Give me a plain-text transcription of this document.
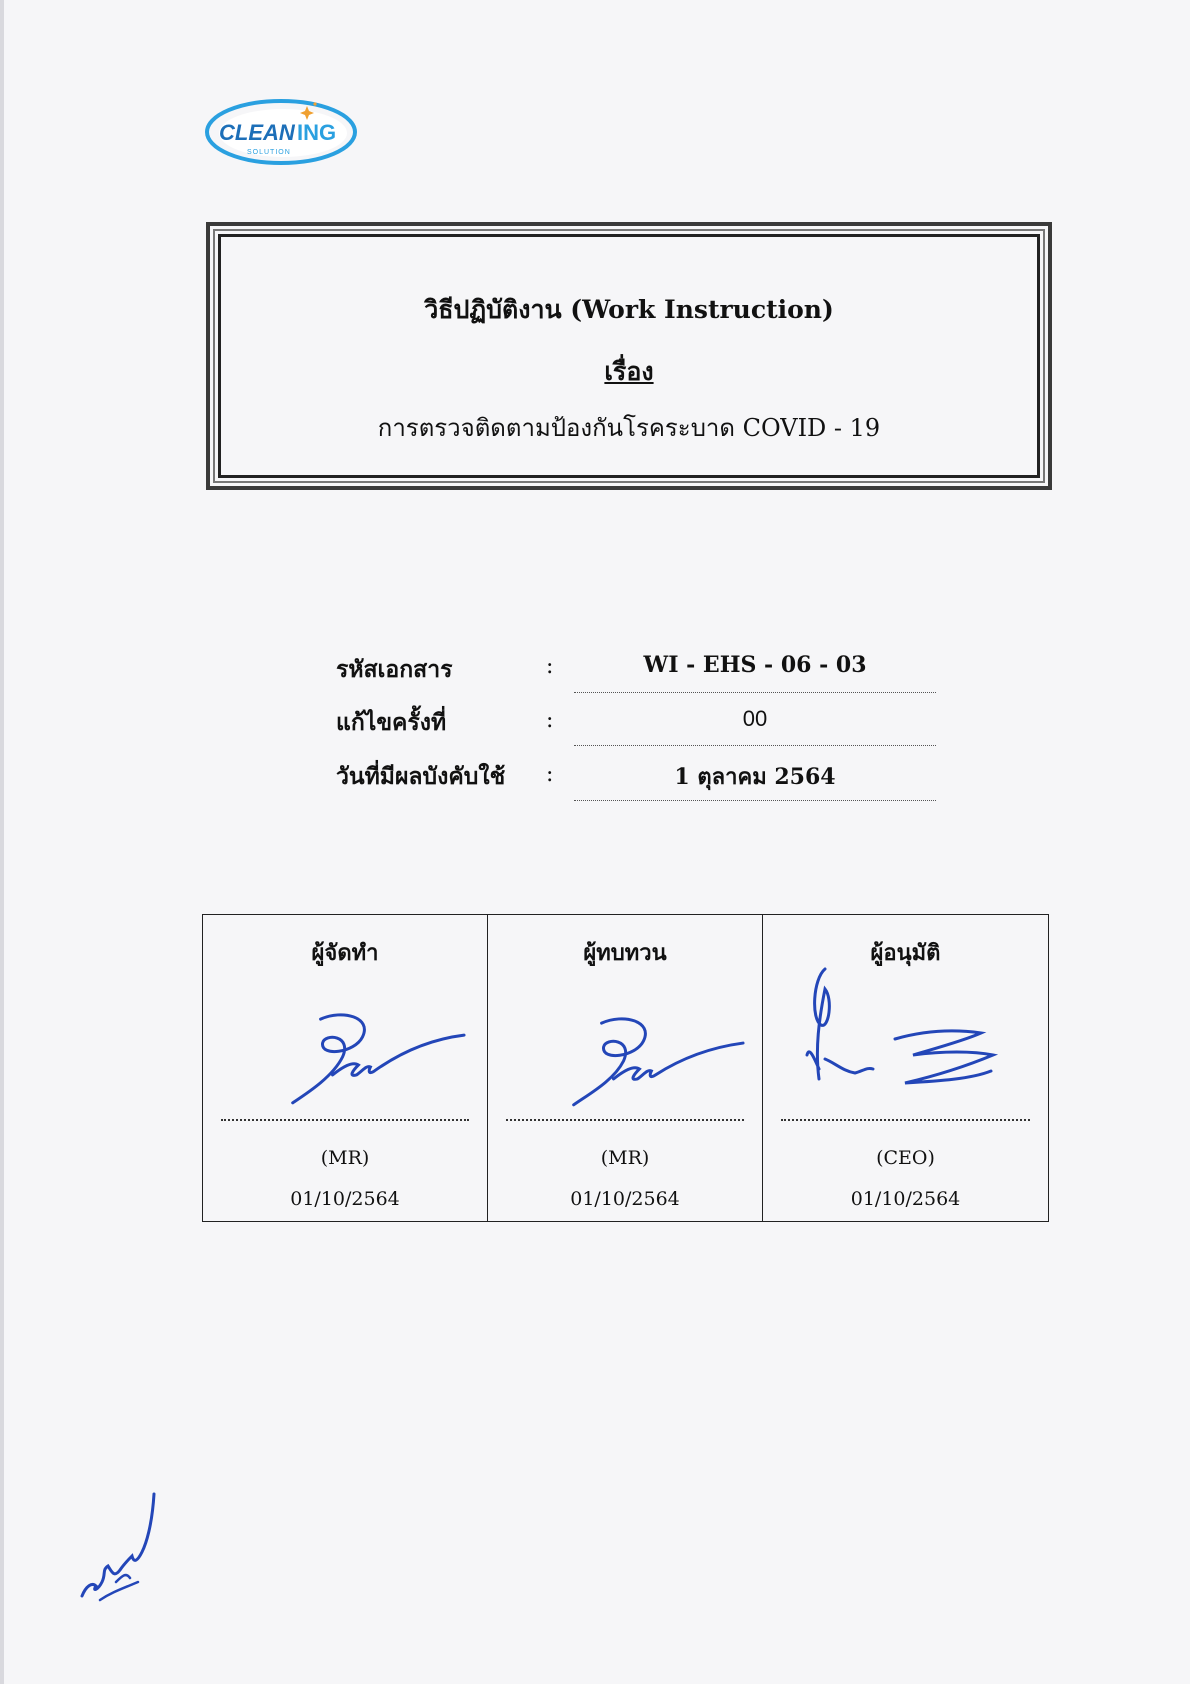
CLEAN ING
SOLUTION
วิธีปฏิบัติงาน (Work Instruction)
เรื่อง
การตรวจติดตามป้องกันโรคระบาด COVID - 19
รหัสเอกสาร	:	WI - EHS - 06 - 03
แก้ไขครั้งที่	:	00
วันที่มีผลบังคับใช้ :	1 ตุลาคม 2564
ผู้จัดทำ
(MR)
01/10/2564
ผู้ทบทวน
(MR)
01/10/2564
ผู้อนุมัติ
(CEO)
01/10/2564
